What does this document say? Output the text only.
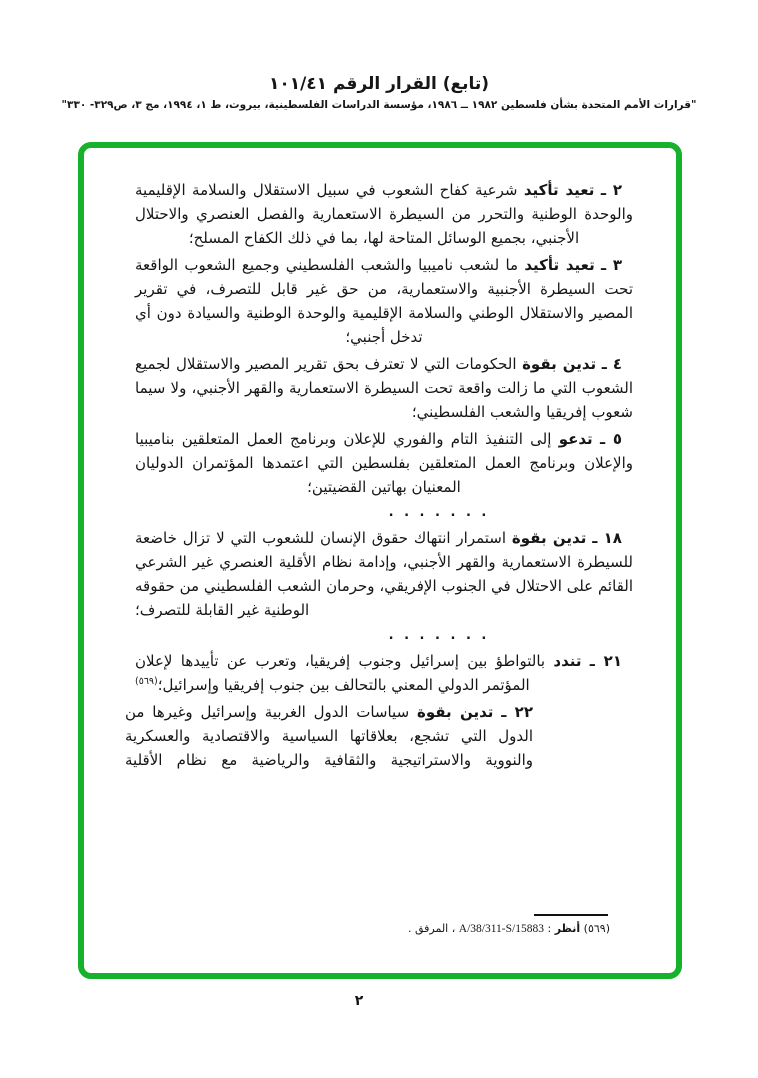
(تابع) القرار الرقم ١٠١/٤١
"قرارات الأمم المتحدة بشأن فلسطين ١٩٨٢ ــ ١٩٨٦، مؤسسة الدراسات الفلسطينية، بيروت، ط ١، ١٩٩٤، مج ٣، ص٣٢٩- ٣٣٠"

٢ ـ تعيد تأكيد شرعية كفاح الشعوب في سبيل الاستقلال والسلامة الإقليمية والوحدة الوطنية والتحرر من السيطرة الاستعمارية والفصل العنصري والاحتلال الأجنبي، بجميع الوسائل المتاحة لها، بما في ذلك الكفاح المسلح؛

٣ ـ تعيد تأكيد ما لشعب ناميبيا والشعب الفلسطيني وجميع الشعوب الواقعة تحت السيطرة الأجنبية والاستعمارية، من حق غير قابل للتصرف، في تقرير المصير والاستقلال الوطني والسلامة الإقليمية والوحدة الوطنية والسيادة دون أي تدخل أجنبي؛

٤ ـ تدين بقوة الحكومات التي لا تعترف بحق تقرير المصير والاستقلال لجميع الشعوب التي ما زالت واقعة تحت السيطرة الاستعمارية والقهر الأجنبي، ولا سيما شعوب إفريقيا والشعب الفلسطيني؛

٥ ـ تدعو إلى التنفيذ التام والفوري للإعلان وبرنامج العمل المتعلقين بناميبيا والإعلان وبرنامج العمل المتعلقين بفلسطين التي اعتمدها المؤتمران الدوليان المعنيان بهاتين القضيتين؛

. . . . . . .

١٨ ـ تدين بقوة استمرار انتهاك حقوق الإنسان للشعوب التي لا تزال خاضعة للسيطرة الاستعمارية والقهر الأجنبي، وإدامة نظام الأقلية العنصري غير الشرعي القائم على الاحتلال في الجنوب الإفريقي، وحرمان الشعب الفلسطيني من حقوقه الوطنية غير القابلة للتصرف؛

. . . . . . .

٢١ ـ تندد بالتواطؤ بين إسرائيل وجنوب إفريقيا، وتعرب عن تأييدها لإعلان المؤتمر الدولي المعني بالتحالف بين جنوب إفريقيا وإسرائيل؛$^{(٥٦٩)}$

٢٢ ـ تدين بقوة سياسات الدول الغربية وإسرائيل وغيرها من الدول التي تشجع، بعلاقاتها السياسية والاقتصادية والعسكرية والنووية والاستراتيجية والثقافية والرياضية مع نظام الأقلية

(٥٦٩) أنظر : A/38/311-S/15883 ، المرفق .
٢
